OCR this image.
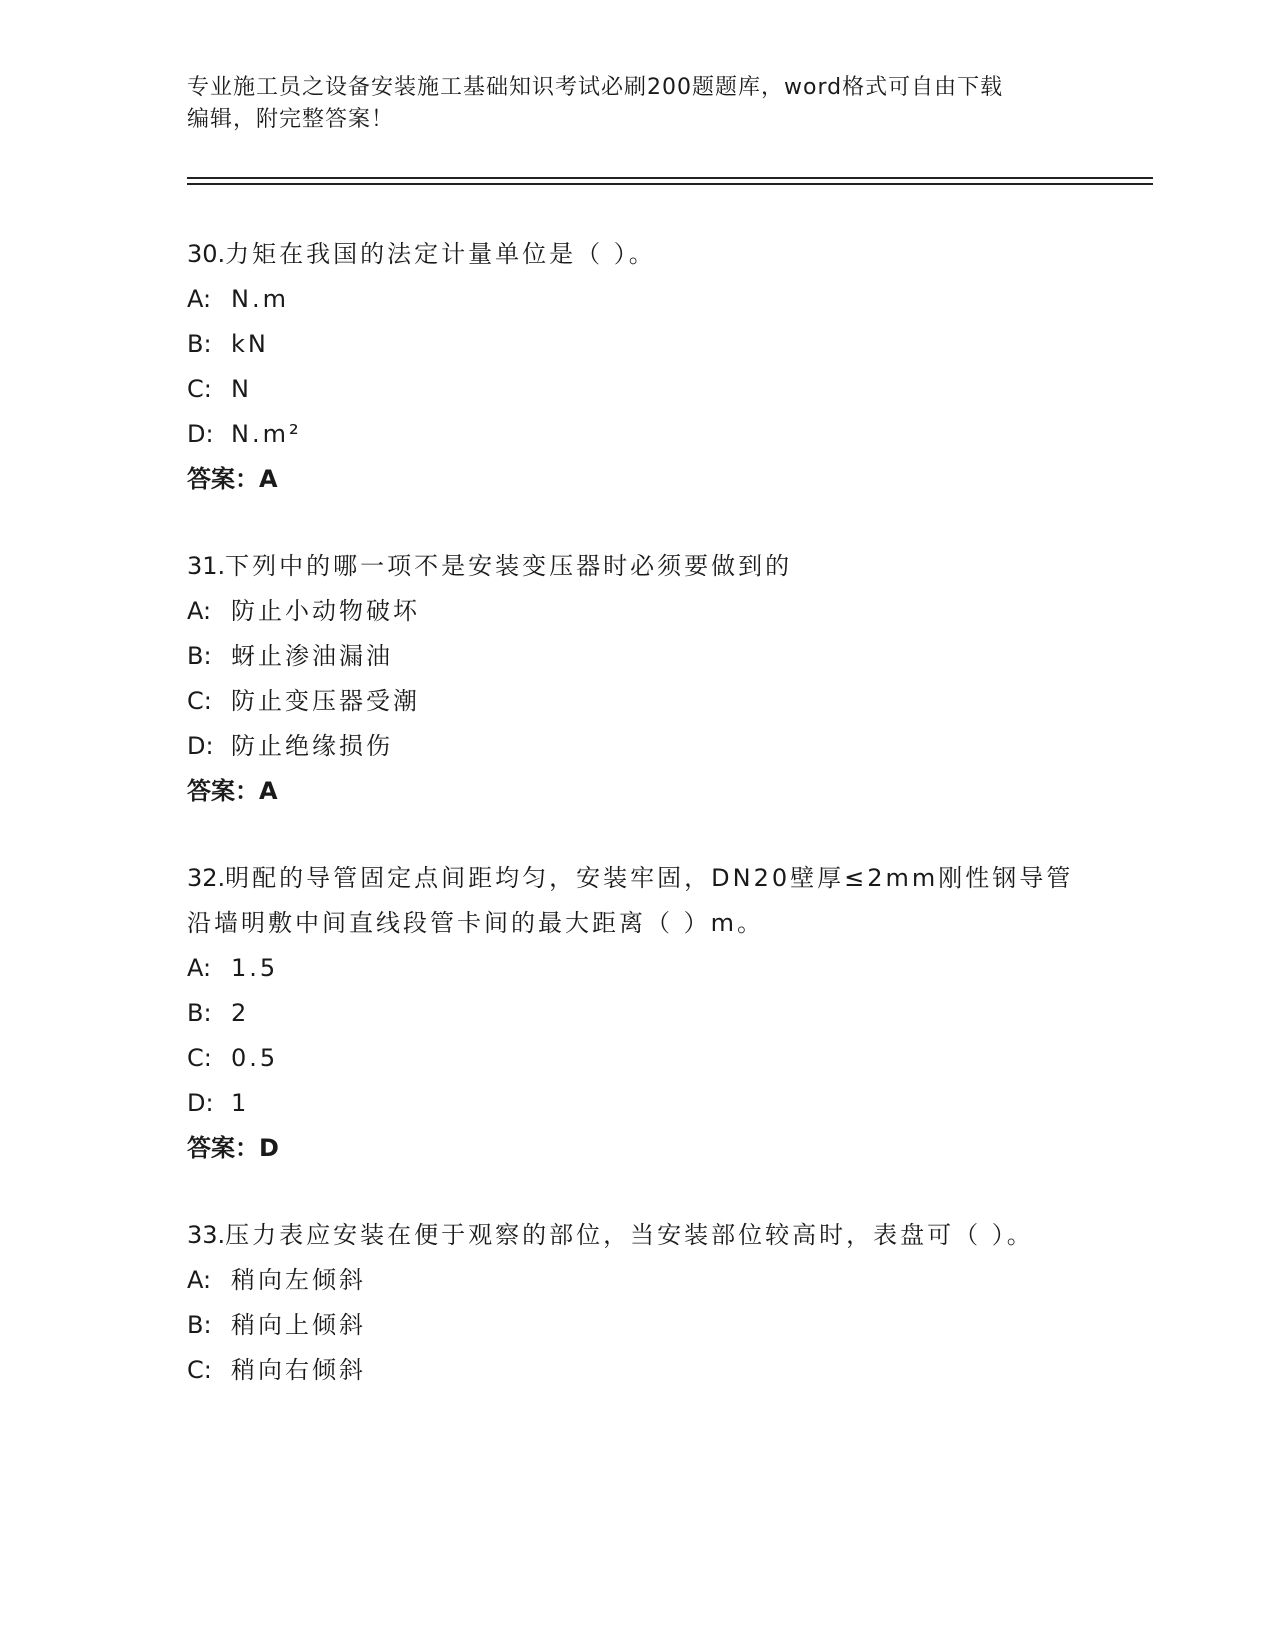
专业施工员之设备安装施工基础知识考试必刷200题题库，word格式可自由下载
编辑，附完整答案！

30.力矩在我国的法定计量单位是（ ）。

A: N.m

B: kN

C: N

D: N.m²

答案：A

31.下列中的哪一项不是安装变压器时必须要做到的

A: 防止小动物破坏

B: 蚜止渗油漏油

C: 防止变压器受潮

D: 防止绝缘损伤

答案：A

32.明配的导管固定点间距均匀，安装牢固，DN20壁厚≤2mm刚性钢导管沿墙明敷中间直线段管卡间的最大距离（ ）m。

A: 1.5

B: 2

C: 0.5

D: 1

答案：D

33.压力表应安装在便于观察的部位，当安装部位较高时，表盘可（ ）。

A: 稍向左倾斜

B: 稍向上倾斜

C: 稍向右倾斜
